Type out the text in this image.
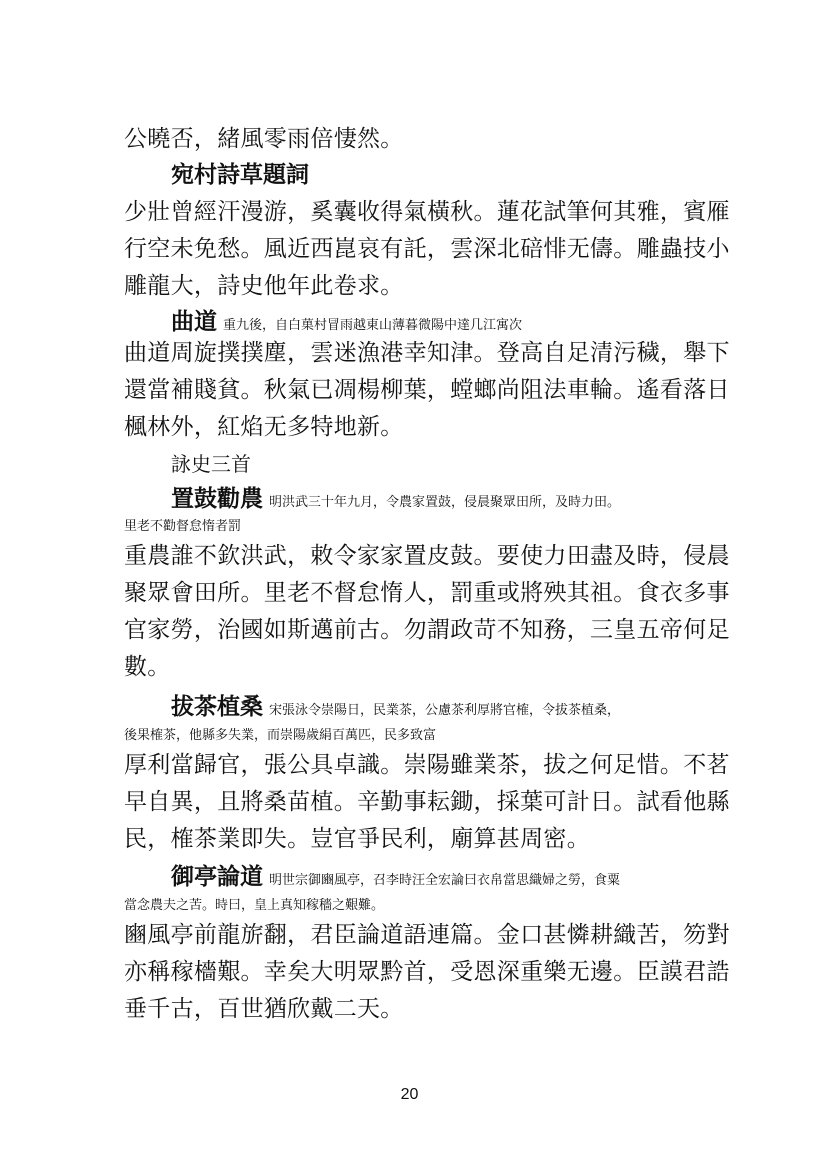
公曉否，緒風零雨倍悽然。
宛村詩草題詞
少壯曾經汗漫游，奚囊收得氣橫秋。蓮花試筆何其雅，賓雁
行空未免愁。風近西崑哀有託，雲深北碚悱无儔。雕蟲技小
雕龍大，詩史他年此卷求。
曲道 重九後，自白菓村冒雨越東山薄暮微陽中達几江寓次
曲道周旋撲撲塵，雲迷漁港幸知津。登高自足清污穢，舉下
還當補賤貧。秋氣已凋楊柳葉，螳螂尚阻法車輪。遙看落日
楓林外，紅焰无多特地新。
詠史三首
置鼓勸農 明洪武三十年九月，令農家置鼓，侵晨聚眾田所，及時力田。
里老不勸督怠惰者罰
重農誰不欽洪武，敕令家家置皮鼓。要使力田盡及時，侵晨
聚眾會田所。里老不督怠惰人，罰重或將殃其祖。食衣多事
官家勞，治國如斯邁前古。勿謂政苛不知務，三皇五帝何足
數。
拔茶植桑 宋張泳令崇陽日，民業茶，公慮茶利厚將官榷，令拔茶植桑，
後果榷茶，他縣多失業，而崇陽歲絹百萬匹，民多致富
厚利當歸官，張公具卓識。崇陽雖業茶，拔之何足惜。不茗
早自異，且將桑苗植。辛勤事耘鋤，採葉可計日。試看他縣
民，榷茶業即失。豈官爭民利，廟算甚周密。
御亭論道 明世宗御豳風亭，召李時汪全宏論曰衣帛當思織婦之勞，食粟
當念農夫之苦。時曰，皇上真知稼穡之艱難。
豳風亭前龍旂翻，君臣論道語連篇。金口甚憐耕織苦，笏對
亦稱稼檣艱。幸矣大明眾黔首，受恩深重樂无邊。臣謨君誥
垂千古，百世猶欣戴二天。
20
